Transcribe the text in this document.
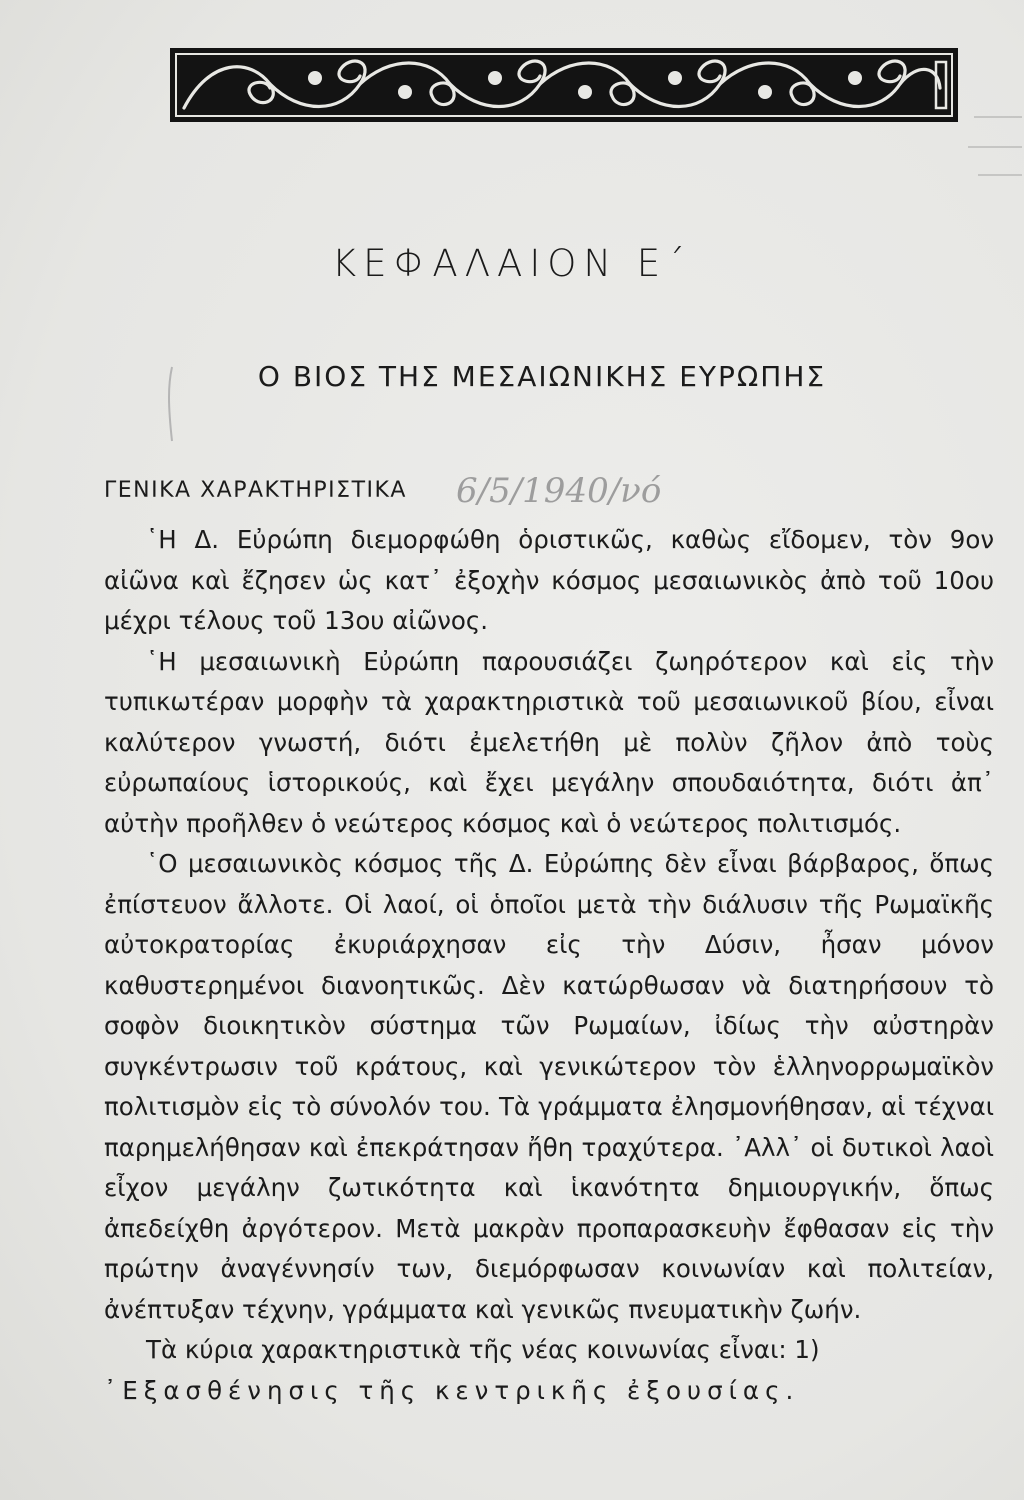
ΚΕΦΑΛΑΙΟΝ Ε΄
Ο ΒΙΟΣ ΤΗΣ ΜΕΣΑΙΩΝΙΚΗΣ ΕΥΡΩΠΗΣ
ΓΕΝΙΚΑ ΧΑΡΑΚΤΗΡΙΣΤΙΚΑ 6/5/1940/νό

῾Η Δ. Εὐρώπη διεμορφώθη ὁριστικῶς, καθὼς εἴδομεν, τὸν 9ον αἰῶνα καὶ ἔζησεν ὡς κατ᾽ ἐξοχὴν κόσμος μεσαιωνικὸς ἀπὸ τοῦ 10ου μέχρι τέλους τοῦ 13ου αἰῶνος.

῾Η μεσαιωνικὴ Εὐρώπη παρουσιάζει ζωηρότερον καὶ εἰς τὴν τυπικωτέραν μορφὴν τὰ χαρακτηριστικὰ τοῦ μεσαιωνικοῦ βίου, εἶναι καλύτερον γνωστή, διότι ἐμελετήθη μὲ πολὺν ζῆλον ἀπὸ τοὺς εὐρωπαίους ἱστορικούς, καὶ ἔχει μεγάλην σπουδαιότητα, διότι ἀπ᾽ αὐτὴν προῆλθεν ὁ νεώτερος κόσμος καὶ ὁ νεώτερος πολιτισμός.

῾Ο μεσαιωνικὸς κόσμος τῆς Δ. Εὐρώπης δὲν εἶναι βάρβαρος, ὅπως ἐπίστευον ἄλλοτε. Οἱ λαοί, οἱ ὁποῖοι μετὰ τὴν διάλυσιν τῆς Ρωμαϊκῆς αὐτοκρατορίας ἐκυριάρχησαν εἰς τὴν Δύσιν, ἦσαν μόνον καθυστερημένοι διανοητικῶς. Δὲν κατώρθωσαν νὰ διατηρήσουν τὸ σοφὸν διοικητικὸν σύστημα τῶν Ρωμαίων, ἰδίως τὴν αὐστηρὰν συγκέντρωσιν τοῦ κράτους, καὶ γενικώτερον τὸν ἑλληνορρωμαϊκὸν πολιτισμὸν εἰς τὸ σύνολόν του. Τὰ γράμματα ἐλησμονήθησαν, αἱ τέχναι παρημελήθησαν καὶ ἐπεκράτησαν ἤθη τραχύτερα. ᾽Αλλ᾽ οἱ δυτικοὶ λαοὶ εἶχον μεγάλην ζωτικότητα καὶ ἱκανότητα δημιουργικήν, ὅπως ἀπεδείχθη ἀργότερον. Μετὰ μακρὰν προπαρασκευὴν ἔφθασαν εἰς τὴν πρώτην ἀναγέννησίν των, διεμόρφωσαν κοινωνίαν καὶ πολιτείαν, ἀνέπτυξαν τέχνην, γράμματα καὶ γενικῶς πνευματικὴν ζωήν.

Τὰ κύρια χαρακτηριστικὰ τῆς νέας κοινωνίας εἶναι: 1)

᾽Εξασθένησις τῆς κεντρικῆς ἐξουσίας.
